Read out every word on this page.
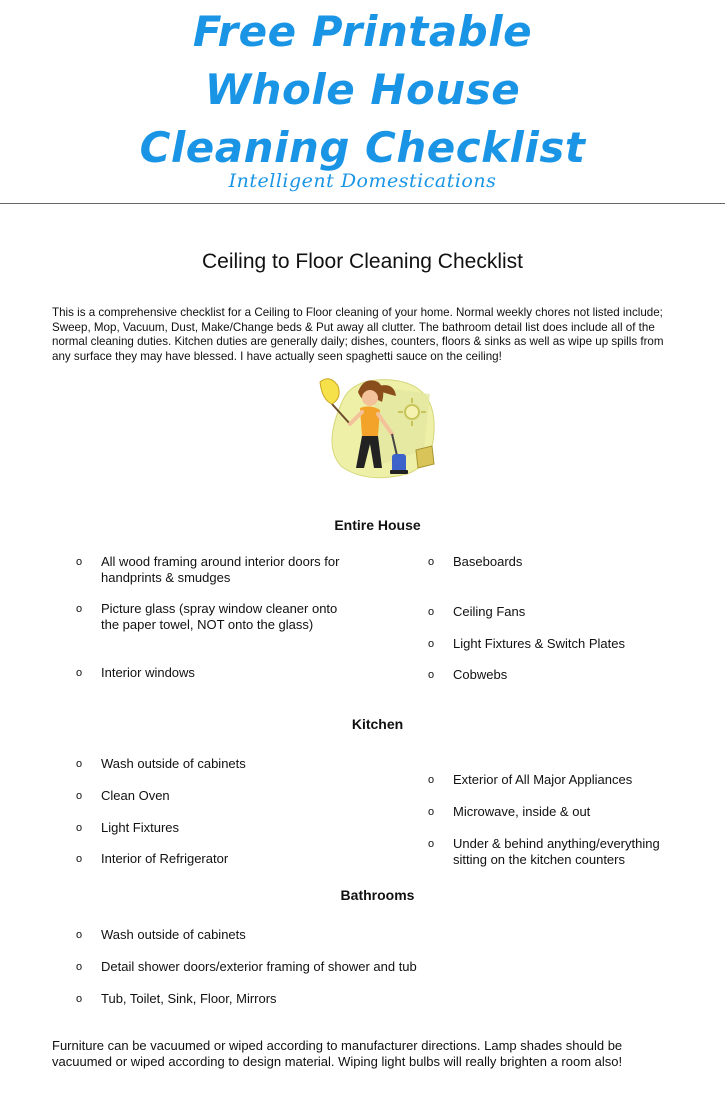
Free Printable
Whole House
Cleaning Checklist
Intelligent Domestications
Ceiling to Floor Cleaning Checklist
This is a comprehensive checklist for a Ceiling to Floor cleaning of your home. Normal weekly chores not listed include; Sweep, Mop, Vacuum, Dust, Make/Change beds & Put away all clutter. The bathroom detail list does include all of the normal cleaning duties. Kitchen duties are generally daily; dishes, counters, floors & sinks as well as wipe up spills from any surface they may have blessed. I have actually seen spaghetti sauce on the ceiling!
Entire House
o All wood framing around interior doors for handprints & smudges
o Picture glass (spray window cleaner onto the paper towel, NOT onto the glass)
o Interior windows
o Baseboards
o Ceiling Fans
o Light Fixtures & Switch Plates
o Cobwebs
Kitchen
o Wash outside of cabinets
o Clean Oven
o Light Fixtures
o Interior of Refrigerator
o Exterior of All Major Appliances
o Microwave, inside & out
o Under & behind anything/everything sitting on the kitchen counters
Bathrooms
o Wash outside of cabinets
o Detail shower doors/exterior framing of shower and tub
o Tub, Toilet, Sink, Floor, Mirrors
Furniture can be vacuumed or wiped according to manufacturer directions. Lamp shades should be vacuumed or wiped according to design material. Wiping light bulbs will really brighten a room also!
